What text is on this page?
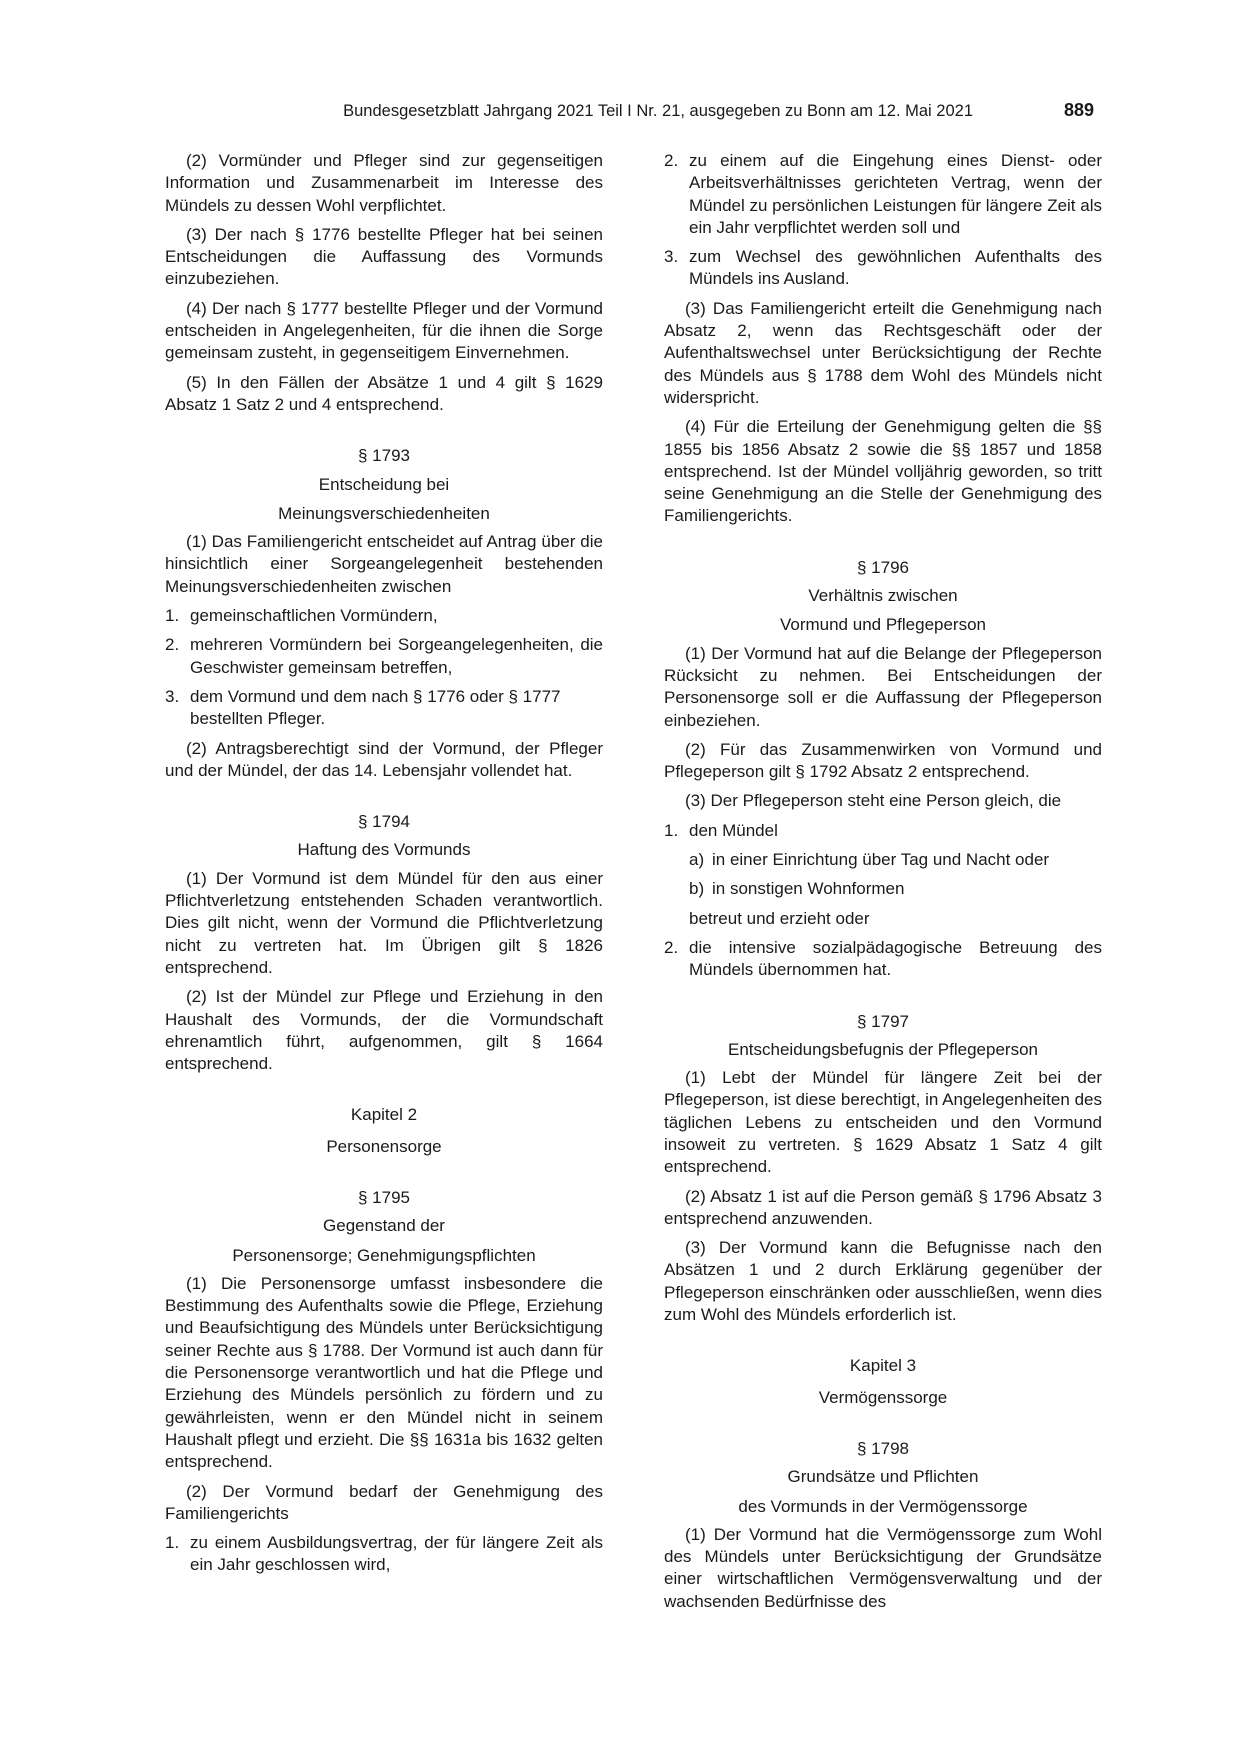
Bundesgesetzblatt Jahrgang 2021 Teil I Nr. 21, ausgegeben zu Bonn am 12. Mai 2021	889

(2) Vormünder und Pfleger sind zur gegenseitigen Information und Zusammenarbeit im Interesse des Mündels zu dessen Wohl verpflichtet.

(3) Der nach § 1776 bestellte Pfleger hat bei seinen Entscheidungen die Auffassung des Vormunds einzubeziehen.

(4) Der nach § 1777 bestellte Pfleger und der Vormund entscheiden in Angelegenheiten, für die ihnen die Sorge gemeinsam zusteht, in gegenseitigem Einvernehmen.

(5) In den Fällen der Absätze 1 und 4 gilt § 1629 Absatz 1 Satz 2 und 4 entsprechend.

§ 1793

Entscheidung bei

Meinungsverschiedenheiten

(1) Das Familiengericht entscheidet auf Antrag über die hinsichtlich einer Sorgeangelegenheit bestehenden Meinungsverschiedenheiten zwischen

1. gemeinschaftlichen Vormündern,
2. mehreren Vormündern bei Sorgeangelegenheiten, die Geschwister gemeinsam betreffen,
3. dem Vormund und dem nach § 1776 oder § 1777 bestellten Pfleger.

(2) Antragsberechtigt sind der Vormund, der Pfleger und der Mündel, der das 14. Lebensjahr vollendet hat.

§ 1794

Haftung des Vormunds

(1) Der Vormund ist dem Mündel für den aus einer Pflichtverletzung entstehenden Schaden verantwortlich. Dies gilt nicht, wenn der Vormund die Pflichtverletzung nicht zu vertreten hat. Im Übrigen gilt § 1826 entsprechend.

(2) Ist der Mündel zur Pflege und Erziehung in den Haushalt des Vormunds, der die Vormundschaft ehrenamtlich führt, aufgenommen, gilt § 1664 entsprechend.

Kapitel 2

Personensorge

§ 1795

Gegenstand der

Personensorge; Genehmigungspflichten

(1) Die Personensorge umfasst insbesondere die Bestimmung des Aufenthalts sowie die Pflege, Erziehung und Beaufsichtigung des Mündels unter Berücksichtigung seiner Rechte aus § 1788. Der Vormund ist auch dann für die Personensorge verantwortlich und hat die Pflege und Erziehung des Mündels persönlich zu fördern und zu gewährleisten, wenn er den Mündel nicht in seinem Haushalt pflegt und erzieht. Die §§ 1631a bis 1632 gelten entsprechend.

(2) Der Vormund bedarf der Genehmigung des Familiengerichts

1. zu einem Ausbildungsvertrag, der für längere Zeit als ein Jahr geschlossen wird,
2. zu einem auf die Eingehung eines Dienst- oder Arbeitsverhältnisses gerichteten Vertrag, wenn der Mündel zu persönlichen Leistungen für längere Zeit als ein Jahr verpflichtet werden soll und
3. zum Wechsel des gewöhnlichen Aufenthalts des Mündels ins Ausland.

(3) Das Familiengericht erteilt die Genehmigung nach Absatz 2, wenn das Rechtsgeschäft oder der Aufenthaltswechsel unter Berücksichtigung der Rechte des Mündels aus § 1788 dem Wohl des Mündels nicht widerspricht.

(4) Für die Erteilung der Genehmigung gelten die §§ 1855 bis 1856 Absatz 2 sowie die §§ 1857 und 1858 entsprechend. Ist der Mündel volljährig geworden, so tritt seine Genehmigung an die Stelle der Genehmigung des Familiengerichts.

§ 1796

Verhältnis zwischen

Vormund und Pflegeperson

(1) Der Vormund hat auf die Belange der Pflegeperson Rücksicht zu nehmen. Bei Entscheidungen der Personensorge soll er die Auffassung der Pflegeperson einbeziehen.

(2) Für das Zusammenwirken von Vormund und Pflegeperson gilt § 1792 Absatz 2 entsprechend.

(3) Der Pflegeperson steht eine Person gleich, die

1. den Mündel
a) in einer Einrichtung über Tag und Nacht oder
b) in sonstigen Wohnformen
betreut und erzieht oder
2. die intensive sozialpädagogische Betreuung des Mündels übernommen hat.

§ 1797

Entscheidungsbefugnis der Pflegeperson

(1) Lebt der Mündel für längere Zeit bei der Pflegeperson, ist diese berechtigt, in Angelegenheiten des täglichen Lebens zu entscheiden und den Vormund insoweit zu vertreten. § 1629 Absatz 1 Satz 4 gilt entsprechend.

(2) Absatz 1 ist auf die Person gemäß § 1796 Absatz 3 entsprechend anzuwenden.

(3) Der Vormund kann die Befugnisse nach den Absätzen 1 und 2 durch Erklärung gegenüber der Pflegeperson einschränken oder ausschließen, wenn dies zum Wohl des Mündels erforderlich ist.

Kapitel 3

Vermögenssorge

§ 1798

Grundsätze und Pflichten

des Vormunds in der Vermögenssorge

(1) Der Vormund hat die Vermögenssorge zum Wohl des Mündels unter Berücksichtigung der Grundsätze einer wirtschaftlichen Vermögensverwaltung und der wachsenden Bedürfnisse des
